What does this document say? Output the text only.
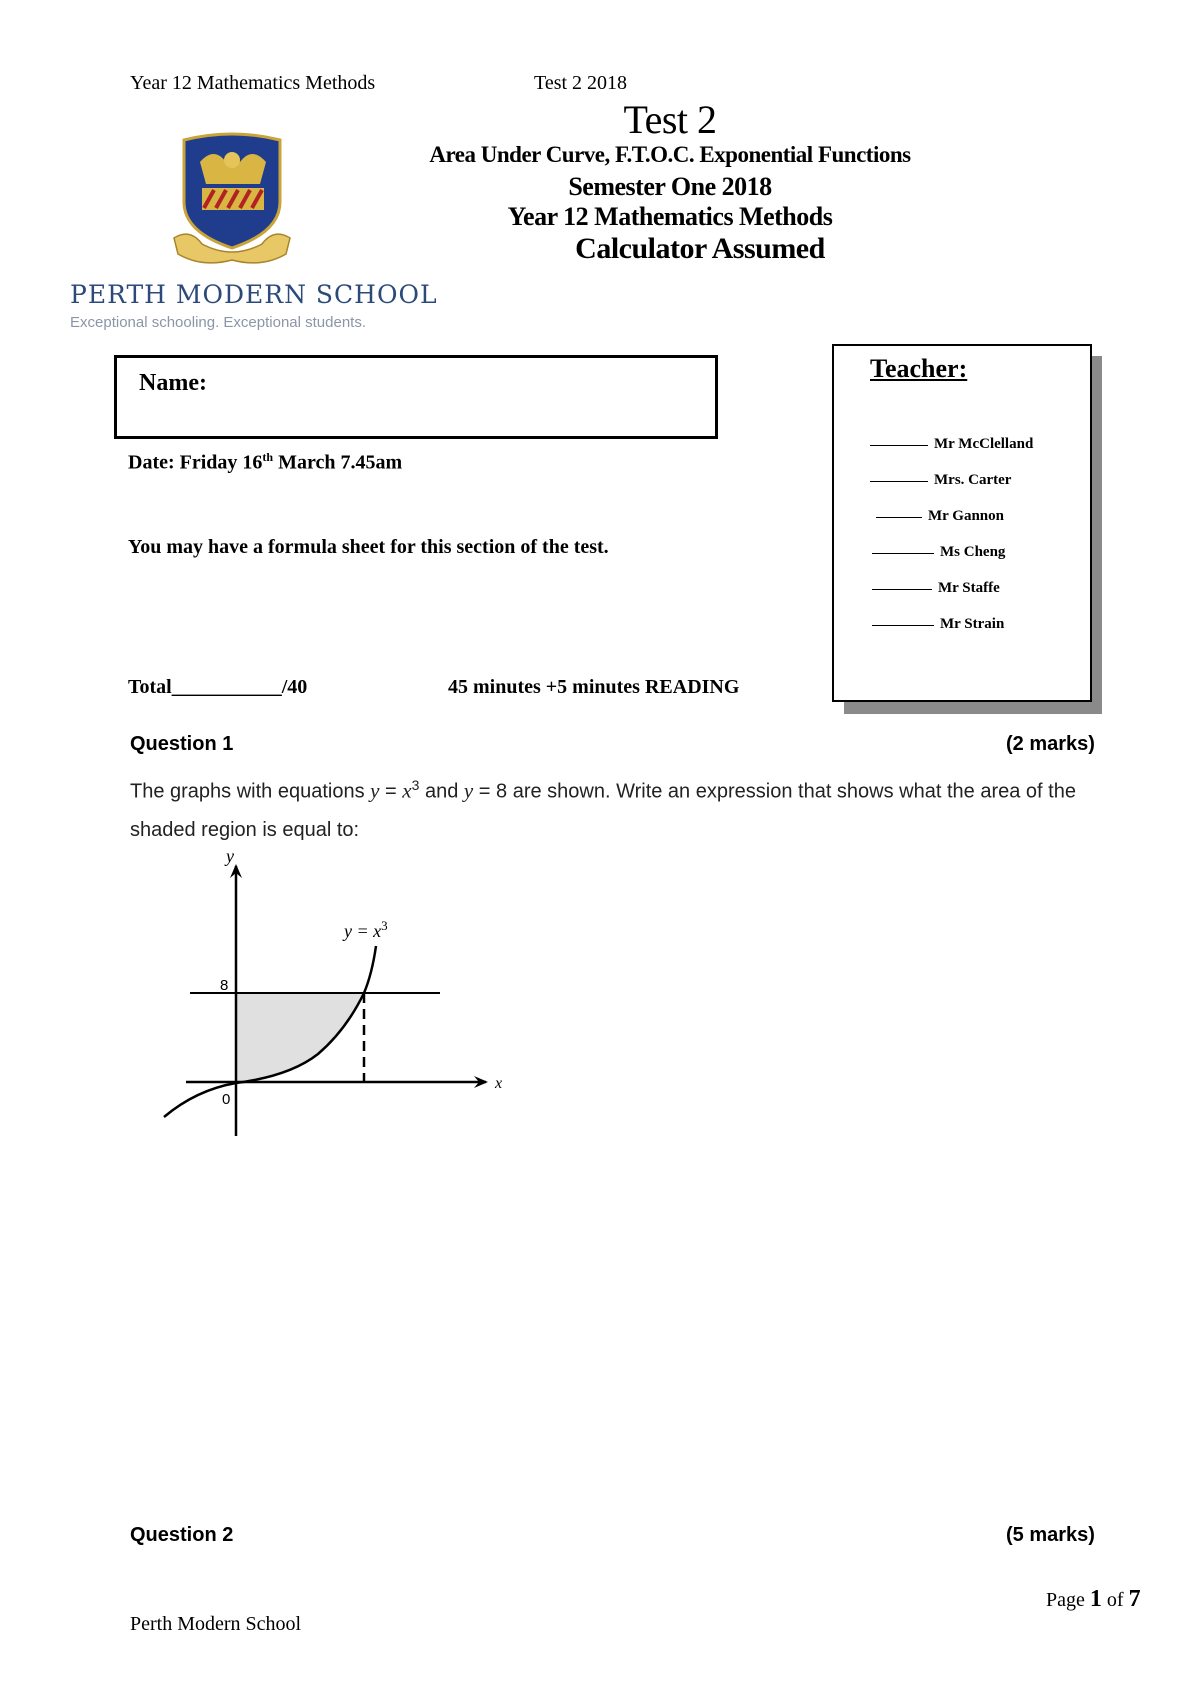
Year 12 Mathematics Methods	Test 2 2018
Test 2
Area Under Curve, F.T.O.C. Exponential Functions
Semester One 2018
Year 12 Mathematics Methods
Calculator Assumed
PERTH MODERN SCHOOL
Exceptional schooling. Exceptional students.
Name:
Date: Friday 16th March 7.45am
You may have a formula sheet for this section of the test.
Total___________/40	45 minutes +5 minutes READING
Teacher:
Mr McClelland
Mrs. Carter
Mr Gannon
Ms Cheng
Mr Staffe
Mr Strain
Question 1	(2 marks)
The graphs with equations $y = x^3$ and y = 8 are shown. Write an expression that shows what the area of the shaded region is equal to:
y
x
$y = x^3$
8
0
Question 2	(5 marks)
Page 1 of 7
Perth Modern School
